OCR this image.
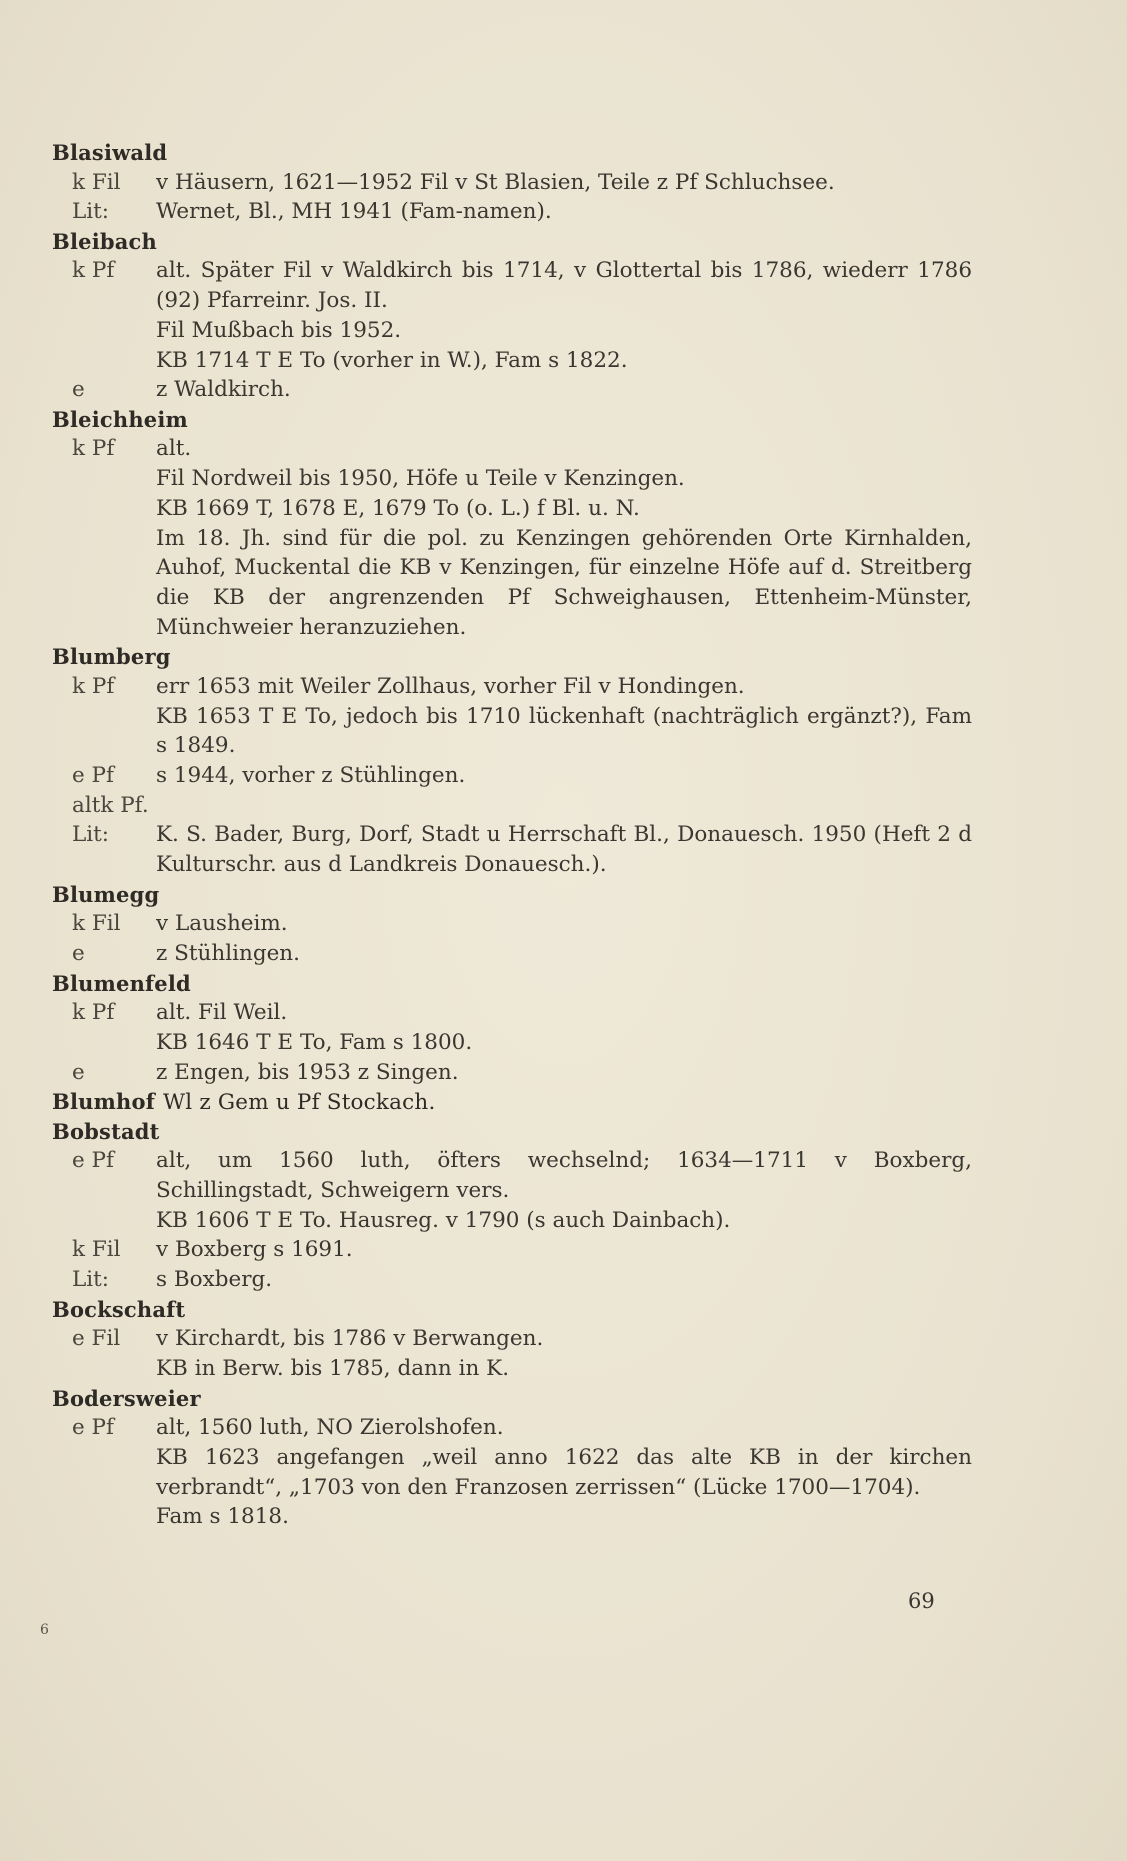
Blasiwald
k Fil v Häusern, 1621—1952 Fil v St Blasien, Teile z Pf Schluchsee.
Lit: Wernet, Bl., MH 1941 (Fam-namen).
Bleibach
k Pf alt. Später Fil v Waldkirch bis 1714, v Glottertal bis 1786, wiederr 1786 (92) Pfarreinr. Jos. II.
Fil Mußbach bis 1952.
KB 1714 T E To (vorher in W.), Fam s 1822.
e	z Waldkirch.
Bleichheim
k Pf alt.
Fil Nordweil bis 1950, Höfe u Teile v Kenzingen.
KB 1669 T, 1678 E, 1679 To (o. L.) f Bl. u. N.
Im 18. Jh. sind für die pol. zu Kenzingen gehörenden Orte Kirnhalden, Auhof, Muckental die KB v Kenzingen, für einzelne Höfe auf d. Streitberg die KB der angrenzenden Pf Schweighausen, Ettenheim-Münster, Münchweier heranzuziehen.
Blumberg
k Pf err 1653 mit Weiler Zollhaus, vorher Fil v Hondingen.
KB 1653 T E To, jedoch bis 1710 lückenhaft (nachträglich ergänzt?), Fam s 1849.
e Pf s 1944, vorher z Stühlingen.
altk Pf.
Lit: K. S. Bader, Burg, Dorf, Stadt u Herrschaft Bl., Donauesch. 1950 (Heft 2 d Kulturschr. aus d Landkreis Donauesch.).
Blumegg
k Fil v Lausheim.
e	z Stühlingen.
Blumenfeld
k Pf alt. Fil Weil.
KB 1646 T E To, Fam s 1800.
e	z Engen, bis 1953 z Singen.
Blumhof Wl z Gem u Pf Stockach.
Bobstadt
e Pf alt, um 1560 luth, öfters wechselnd; 1634—1711 v Boxberg, Schillingstadt, Schweigern vers.
KB 1606 T E To. Hausreg. v 1790 (s auch Dainbach).
k Fil v Boxberg s 1691.
Lit: s Boxberg.
Bockschaft
e Fil v Kirchardt, bis 1786 v Berwangen.
KB in Berw. bis 1785, dann in K.
Bodersweier
e Pf alt, 1560 luth, NO Zierolshofen.
KB 1623 angefangen „weil anno 1622 das alte KB in der kirchen verbrandt“, „1703 von den Franzosen zerrissen“ (Lücke 1700—1704).
Fam s 1818.
69
6
